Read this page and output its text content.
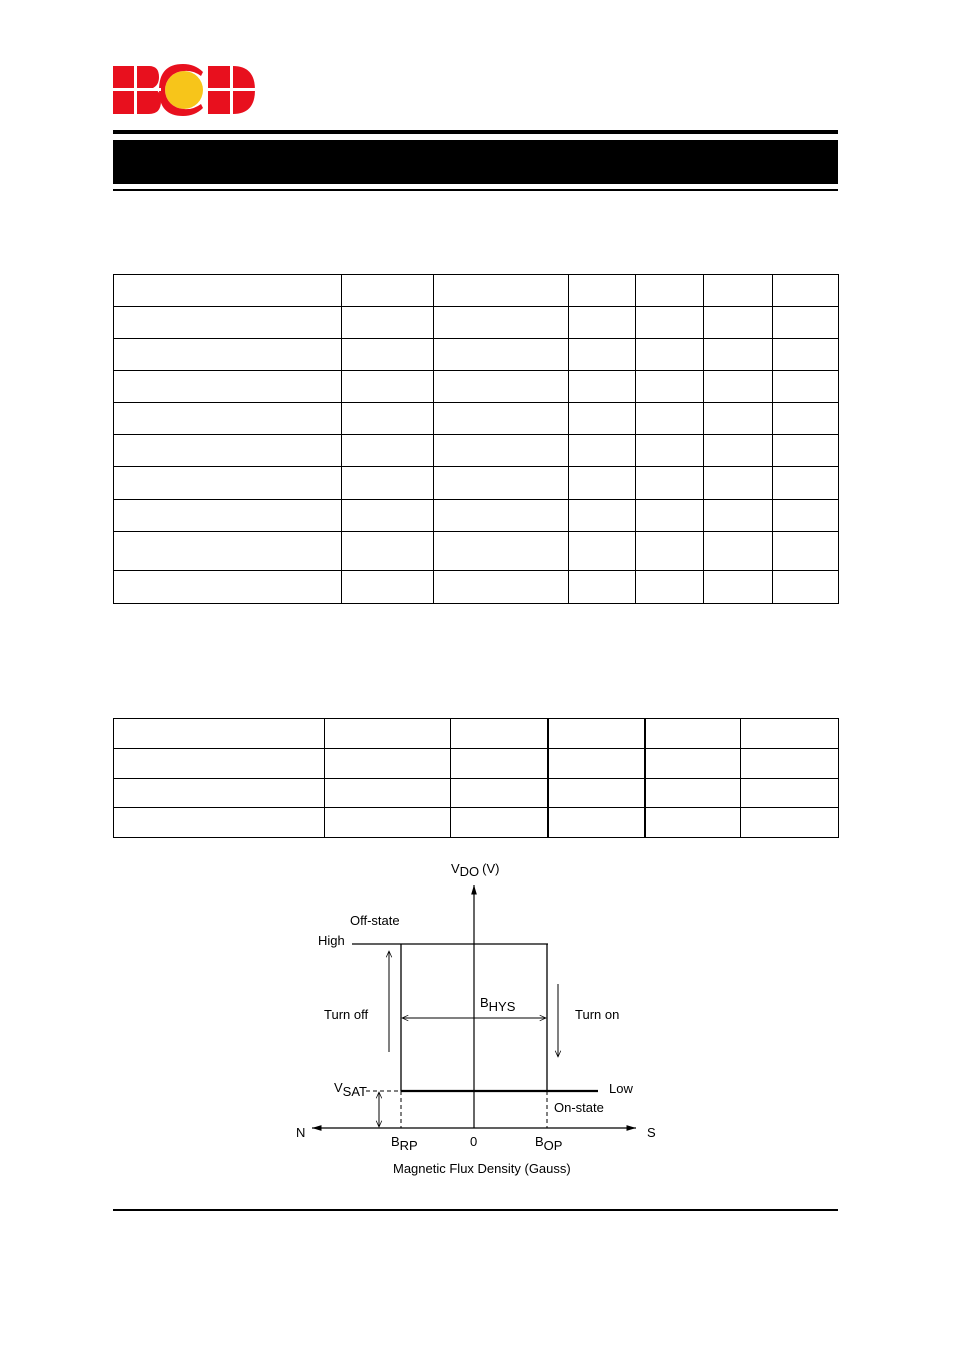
VDO (V)
Off-state
High
Turn off
BHYS
Turn on
VSAT	Low
On-state
N	S
BRP	0	BOP
Magnetic Flux Density (Gauss)
